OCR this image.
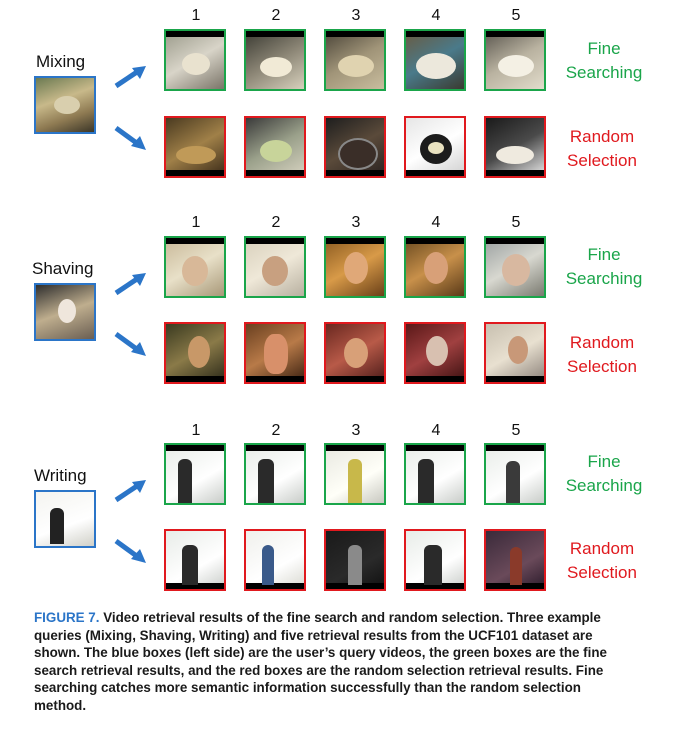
1	2	3	4	5
Mixing
Fine
Searching
Random
Selection
1	2	3	4	5
Shaving
Fine
Searching
Random
Selection
1	2	3	4	5
Writing
Fine
Searching
Random
Selection
FIGURE 7. Video retrieval results of the fine search and random selection. Three example queries (Mixing, Shaving, Writing) and five retrieval results from the UCF101 dataset are shown. The blue boxes (left side) are the user’s query videos, the green boxes are the fine search retrieval results, and the red boxes are the random selection retrieval results. Fine searching catches more semantic information successfully than the random selection method.
